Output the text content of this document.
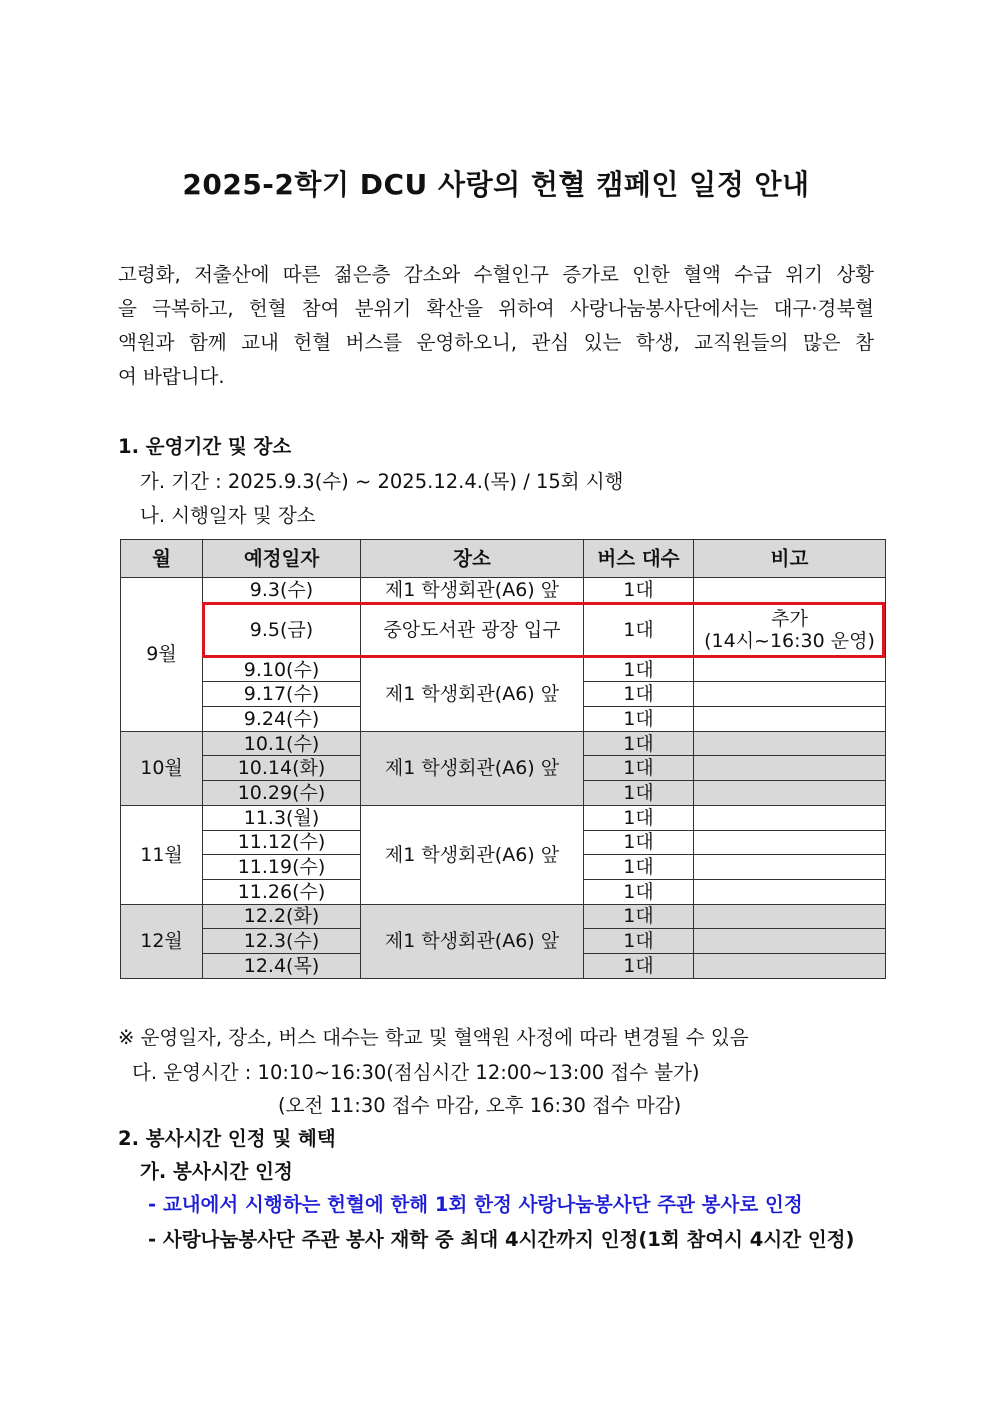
2025-2학기 DCU 사랑의 헌혈 캠페인 일정 안내
고령화, 저출산에 따른 젊은층 감소와 수혈인구 증가로 인한 혈액 수급 위기 상황
을 극복하고, 헌혈 참여 분위기 확산을 위하여 사랑나눔봉사단에서는 대구·경북혈
액원과 함께 교내 헌혈 버스를 운영하오니, 관심 있는 학생, 교직원들의 많은 참
여 바랍니다.
1. 운영기간 및 장소
가. 기간 : 2025.9.3(수) ~ 2025.12.4.(목) / 15회 시행
나. 시행일자 및 장소
월	예정일자	장소	버스 대수	비고
9월	9.3(수)	제1 학생회관(A6) 앞	1대	
	9.5(금)	중앙도서관 광장 입구	1대	추가
(14시~16:30 운영)

	9.10(수)	제1 학생회관(A6) 앞	1대	
	9.17(수)		1대	
	9.24(수)		1대	
10월	10.1(수)	제1 학생회관(A6) 앞	1대	
	10.14(화)		1대	
	10.29(수)		1대	
11월	11.3(월)	제1 학생회관(A6) 앞	1대	
	11.12(수)		1대	
	11.19(수)		1대	
	11.26(수)		1대	
12월	12.2(화)	제1 학생회관(A6) 앞	1대	
	12.3(수)		1대	
	12.4(목)		1대	
※ 운영일자, 장소, 버스 대수는 학교 및 혈액원 사정에 따라 변경될 수 있음
다. 운영시간 : 10:10~16:30(점심시간 12:00~13:00 접수 불가)
(오전 11:30 접수 마감, 오후 16:30 접수 마감)
2. 봉사시간 인정 및 혜택
가. 봉사시간 인정
- 교내에서 시행하는 헌혈에 한해 1회 한정 사랑나눔봉사단 주관 봉사로 인정
- 사랑나눔봉사단 주관 봉사 재학 중 최대 4시간까지 인정(1회 참여시 4시간 인정)
